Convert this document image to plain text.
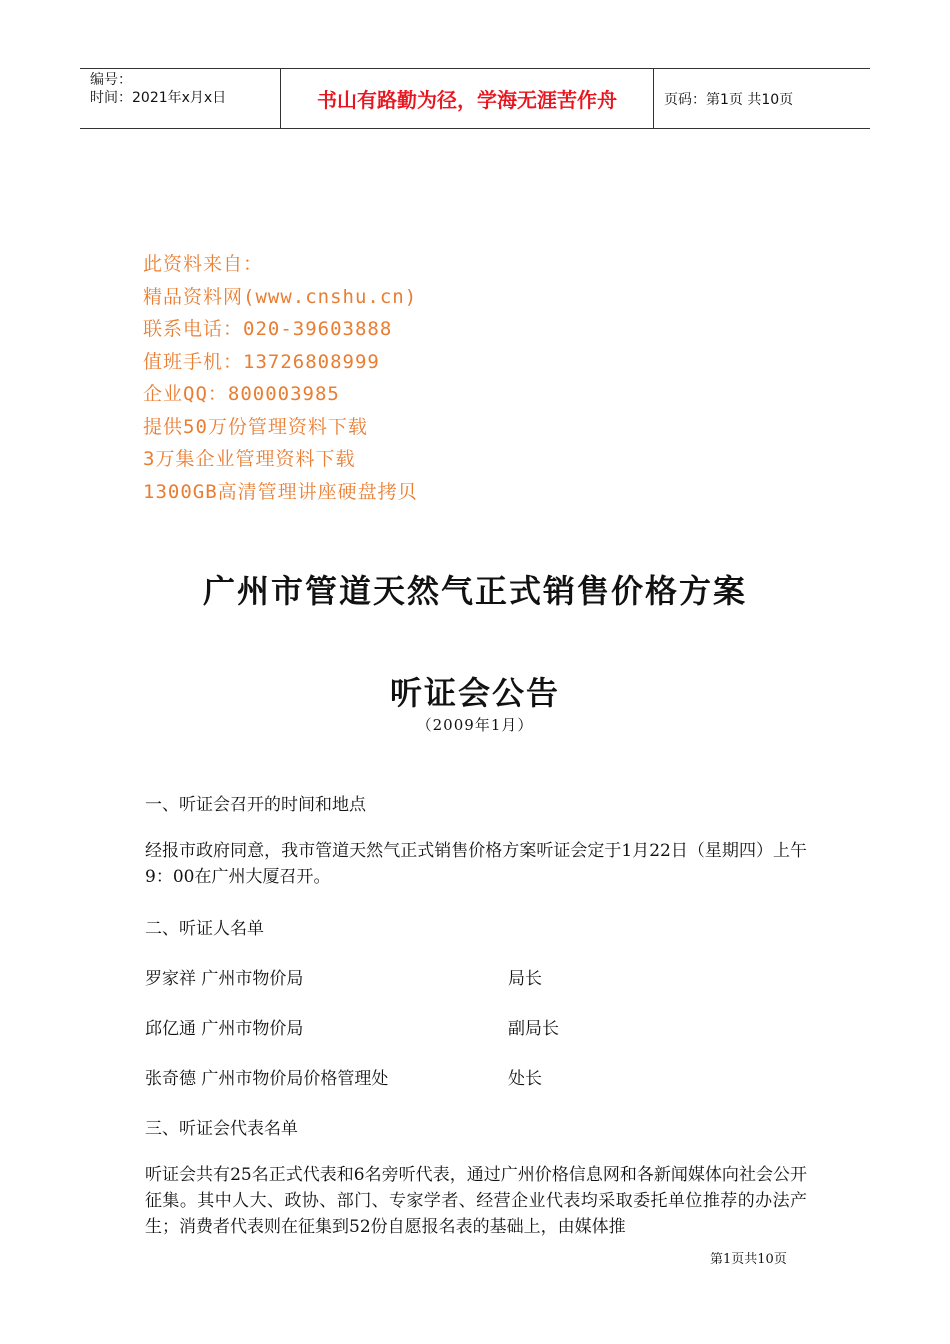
编号：
时间：2021年x月x日	书山有路勤为径，学海无涯苦作舟	页码：第1页 共10页
此资料来自：
精品资料网(www.cnshu.cn)
联系电话：020-39603888
值班手机：13726808999
企业QQ：800003985
提供50万份管理资料下载
3万集企业管理资料下载
1300GB高清管理讲座硬盘拷贝
广州市管道天然气正式销售价格方案
听证会公告
（2009年1月）
一、听证会召开的时间和地点
经报市政府同意，我市管道天然气正式销售价格方案听证会定于1月22日（星期四）上午9：00在广州大厦召开。
二、听证人名单
罗家祥 广州市物价局	局长
邱亿通 广州市物价局	副局长
张奇德 广州市物价局价格管理处	处长
三、听证会代表名单
听证会共有25名正式代表和6名旁听代表，通过广州价格信息网和各新闻媒体向社会公开征集。其中人大、政协、部门、专家学者、经营企业代表均采取委托单位推荐的办法产生；消费者代表则在征集到52份自愿报名表的基础上，由媒体推
第1页共10页
